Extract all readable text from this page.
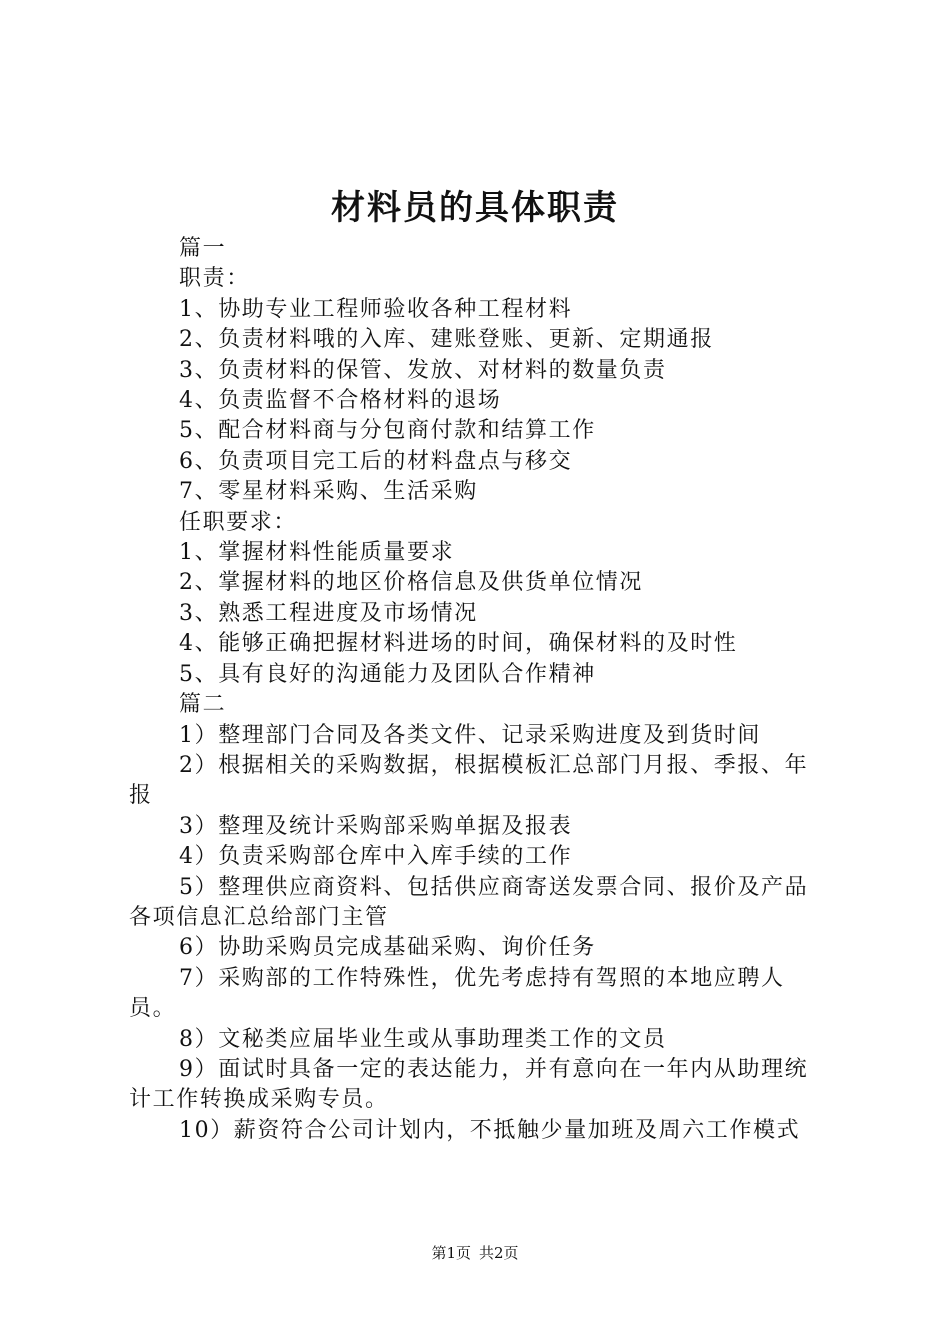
材料员的具体职责

篇一

职责：

1、协助专业工程师验收各种工程材料

2、负责材料哦的入库、建账登账、更新、定期通报

3、负责材料的保管、发放、对材料的数量负责

4、负责监督不合格材料的退场

5、配合材料商与分包商付款和结算工作

6、负责项目完工后的材料盘点与移交

7、零星材料采购、生活采购

任职要求：

1、掌握材料性能质量要求

2、掌握材料的地区价格信息及供货单位情况

3、熟悉工程进度及市场情况

4、能够正确把握材料进场的时间，确保材料的及时性

5、具有良好的沟通能力及团队合作精神

篇二

1）整理部门合同及各类文件、记录采购进度及到货时间

2）根据相关的采购数据，根据模板汇总部门月报、季报、年报

3）整理及统计采购部采购单据及报表

4）负责采购部仓库中入库手续的工作

5）整理供应商资料、包括供应商寄送发票合同、报价及产品各项信息汇总给部门主管

6）协助采购员完成基础采购、询价任务

7）采购部的工作特殊性，优先考虑持有驾照的本地应聘人员。

8）文秘类应届毕业生或从事助理类工作的文员

9）面试时具备一定的表达能力，并有意向在一年内从助理统计工作转换成采购专员。

10）薪资符合公司计划内，不抵触少量加班及周六工作模式

第1页 共2页
